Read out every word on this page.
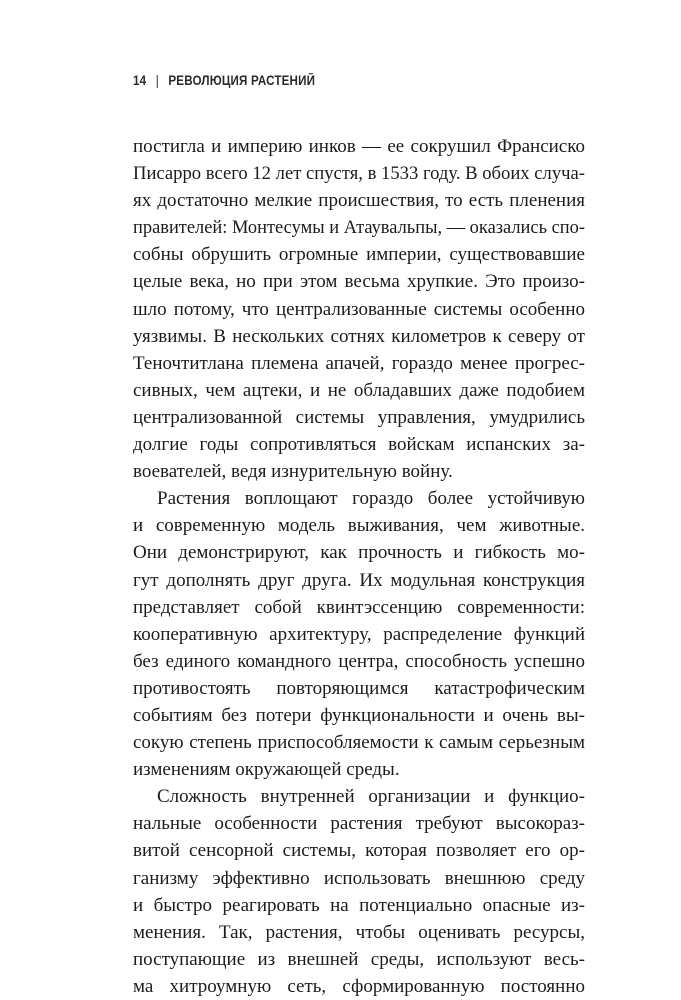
14 | РЕВОЛЮЦИЯ РАСТЕНИЙ
постигла и империю инков — ее сокрушил Франсиско
Писарро всего 12 лет спустя, в 1533 году. В обоих случа-
ях достаточно мелкие происшествия, то есть пленения
правителей: Монтесумы и Атаувальпы, — оказались спо-
собны обрушить огромные империи, существовавшие
целые века, но при этом весьма хрупкие. Это произо-
шло потому, что централизованные системы особенно
уязвимы. В нескольких сотнях километров к северу от
Теночтитлана племена апачей, гораздо менее прогрес-
сивных, чем ацтеки, и не обладавших даже подобием
централизованной системы управления, умудрились
долгие годы сопротивляться войскам испанских за-
воевателей, ведя изнурительную войну.
Растения воплощают гораздо более устойчивую
и современную модель выживания, чем животные.
Они демонстрируют, как прочность и гибкость мо-
гут дополнять друг друга. Их модульная конструкция
представляет собой квинтэссенцию современности:
кооперативную архитектуру, распределение функций
без единого командного центра, способность успешно
противостоять повторяющимся катастрофическим
событиям без потери функциональности и очень вы-
сокую степень приспособляемости к самым серьезным
изменениям окружающей среды.
Сложность внутренней организации и функцио-
нальные особенности растения требуют высокораз-
витой сенсорной системы, которая позволяет его ор-
ганизму эффективно использовать внешнюю среду
и быстро реагировать на потенциально опасные из-
менения. Так, растения, чтобы оценивать ресурсы,
поступающие из внешней среды, используют весь-
ма хитроумную сеть, сформированную постоянно
